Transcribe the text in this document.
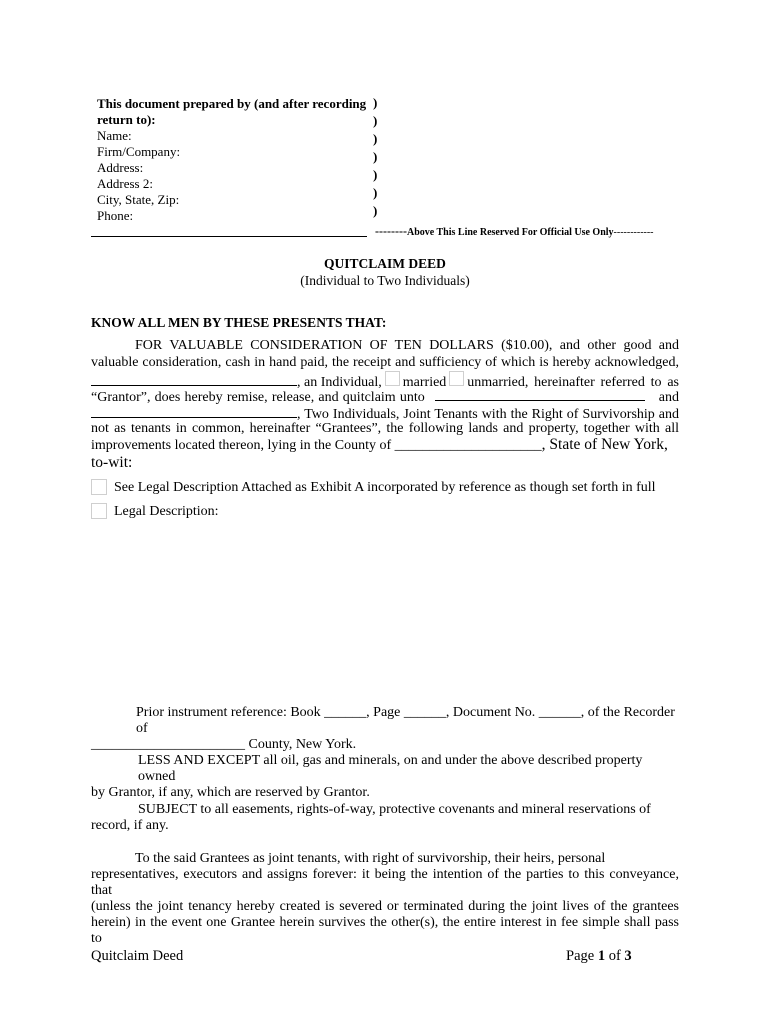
This document prepared by (and after recording
return to):
Name:
Firm/Company:
Address:
Address 2:
City, State, Zip:
Phone:
)
)
)
)
)
)
)
--------Above This Line Reserved For Official Use Only------------
QUITCLAIM DEED
(Individual to Two Individuals)
KNOW ALL MEN BY THESE PRESENTS THAT:
FOR VALUABLE CONSIDERATION OF TEN DOLLARS ($10.00), and other good and
valuable consideration, cash in hand paid, the receipt and sufficiency of which is hereby acknowledged,
, an Individual, married unmarried, hereinafter referred to as
“Grantor”, does hereby remise, release, and quitclaim unto	and
, Two Individuals, Joint Tenants with the Right of Survivorship and
not as tenants in common, hereinafter “Grantees”, the following lands and property, together with all
improvements located thereon, lying in the County of _____________________ , State of New York,
to-wit:
See Legal Description Attached as Exhibit A incorporated by reference as though set forth in full
Legal Description:
Prior instrument reference: Book ______, Page ______, Document No. ______, of the Recorder of
______________________ County, New York.
LESS AND EXCEPT all oil, gas and minerals, on and under the above described property owned
by Grantor, if any, which are reserved by Grantor.
SUBJECT to all easements, rights-of-way, protective covenants and mineral reservations of
record, if any.
To the said Grantees as joint tenants, with right of survivorship, their heirs, personal
representatives, executors and assigns forever: it being the intention of the parties to this conveyance, that
(unless the joint tenancy hereby created is severed or terminated during the joint lives of the grantees
herein) in the event one Grantee herein survives the other(s), the entire interest in fee simple shall pass to
Quitclaim Deed	Page 1 of 3
